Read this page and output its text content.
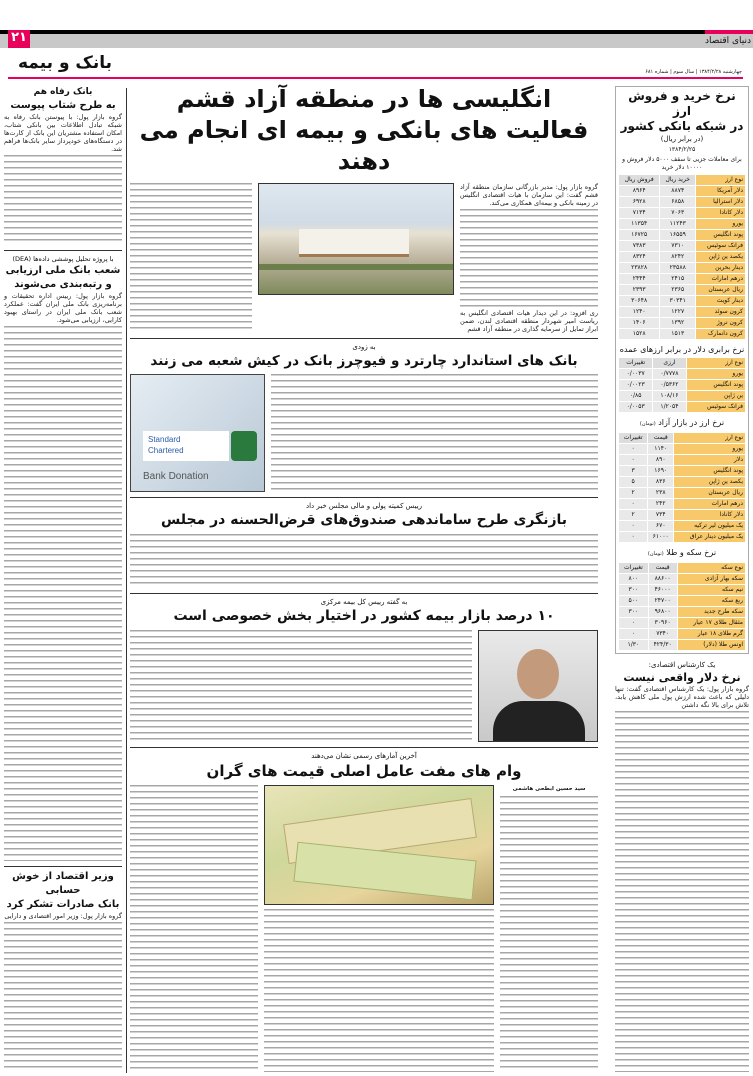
۲۱	دنیای اقتصاد
بانک و بیمه	چهارشنبه ۱۳۸۴/۲/۲۸ | سال سوم | شماره ۶۸۱
بانک رفاه هم
به طرح شتاب پیوست
گروه بازار پول: با پیوستن بانک رفاه به شبکه تبادل اطلاعات بین بانکی شتاب، امکان استفاده مشتریان این بانک از کارت‌ها در دستگاه‌های خودپرداز سایر بانک‌ها فراهم شد.
با پروژه تحلیل پوششی داده‌ها (DEA)
شعب بانک ملی ارزیابی
و رتبه‌بندی می‌شوند
گروه بازار پول: رییس اداره تحقیقات و برنامه‌ریزی بانک ملی ایران گفت: عملکرد شعب بانک ملی ایران در راستای بهبود کارایی، ارزیابی می‌شود.
وزیر اقتصاد از خوش حسابی
بانک صادرات تشکر کرد
گروه بازار پول: وزیر امور اقتصادی و دارایی
انگلیسی ها در منطقه آزاد قشم
فعالیت های بانکی و بیمه ای انجام می دهند
گروه بازار پول: مدیر بازرگانی سازمان منطقه آزاد قشم گفت: این سازمان با هیات اقتصادی انگلیس در زمینه بانکی و بیمه‌ای همکاری می‌کند.
ری افزود: در این دیدار هیات اقتصادی انگلیس به ریاست امیر شهردار منطقه اقتصادی لندن، ضمن ابراز تمایل از سرمایه گذاری در منطقه آزاد قشم
به زودی
بانک های استاندارد چارترد و فیوچرز بانک در کیش شعبه می زنند
Standard
Chartered
Bank Donation
رییس کمیته پولی و مالی مجلس خبر داد
بازنگری طرح ساماندهی صندوق‌های قرض‌الحسنه در مجلس
به گفته رییس کل بیمه مرکزی
۱۰ درصد بازار بیمه کشور در اختیار بخش خصوصی است
آخرین آمارهای رسمی نشان می‌دهند
وام های مفت عامل اصلی قیمت های گران
سید حسین ابطحی هاشمی
نرخ خرید و فروش ارز
در شبکه بانکی کشور
(در برابر ریال)
۱۳۸۴/۲/۲۵
برای معاملات جزیی تا سقف ۵۰۰۰ دلار فروش و ۱۰۰۰۰ دلار خرید
نوع ارز	خرید ریال	فروش ریال
دلار آمریکا	۸۸۷۴	۸۹۶۴
دلار استرالیا	۶۸۵۸	۶۹۲۸
دلار کانادا	۷۰۶۳	۷۱۳۴
یورو	۱۱۲۴۳	۱۱۳۵۴
پوند انگلیس	۱۶۵۵۹	۱۶۷۲۵
فرانک سوئیس	۷۳۱۰	۷۳۸۳
یکصد ین ژاپن	۸۲۴۲	۸۳۲۴
دینار بحرین	۲۳۵۸۸	۲۳۸۲۸
درهم امارات	۲۴۱۵	۲۴۴۴
ریال عربستان	۲۳۶۵	۲۳۹۳
دینار کویت	۳۰۳۴۱	۳۰۶۴۸
کرون سوئد	۱۲۲۷	۱۲۴۰
کرون نروژ	۱۳۹۲	۱۴۰۶
کرون دانمارک	۱۵۱۳	۱۵۲۸
نرخ برابری دلار در برابر ارزهای عمده
نوع ارز	ارزی	تغییرات
یورو	۰/۷۷۷۸	۰/۰۰۳۷
پوند انگلیس	۰/۵۳۶۲	۰/۰۰۲۳
ین ژاپن	۱۰۸/۱۶	۰/۸۵
فرانک سوئیس	۱/۲۰۵۴	۰/۰۰۵۳
نرخ ارز در بازار آزاد (تومان)
نوع ارز	قیمت	تغییرات
یورو	۱۱۴۰	۰
دلار	۸۹۰	۰
پوند انگلیس	۱۶۹۰	۳
یکصد ین ژاپن	۸۳۶	۵
ریال عربستان	۲۳۸	۲
درهم امارات	۲۴۲	۰
دلار کانادا	۷۳۴	۲
یک میلیون لیر ترکیه	۶۷۰	۰
یک میلیون دینار عراق	۶۱۰۰۰	۰
نرخ سکه و طلا (تومان)
نوع سکه	قیمت	تغییرات
سکه بهار آزادی	۸۸۶۰۰	۸۰۰
نیم سکه	۴۶۰۰۰	۳۰۰
ربع سکه	۲۴۷۰۰	۵۰۰
سکه طرح جدید	۹۶۸۰۰	۳۰۰
مثقال طلای ۱۷ عیار	۳۰۹۶۰	۰
گرم طلای ۱۸ عیار	۷۳۴۰	۰
اونس طلا (دلار)	۴۲۴/۳۰	۱/۳۰
یک کارشناس اقتصادی:
نرخ دلار واقعی نیست
گروه بازار پول: یک کارشناس اقتصادی گفت: تنها دلیلی که باعث شده ارزش پول ملی کاهش یابد، تلاش برای بالا نگه داشتن
